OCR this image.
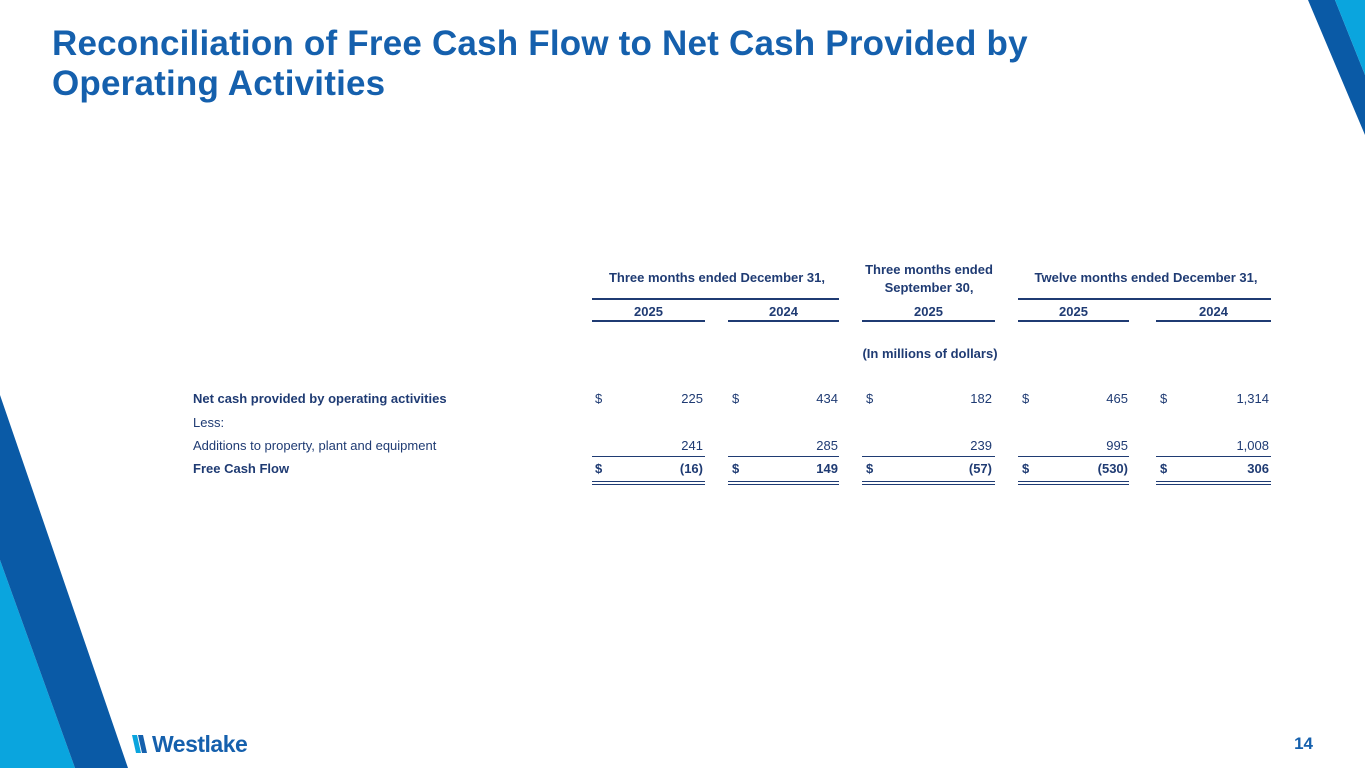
Reconciliation of Free Cash Flow to Net Cash Provided by
Operating Activities
Three months ended December 31,
Three months ended
September 30,
Twelve months ended December 31,
2025	2024	2025	2025	2024
(In millions of dollars)
Net cash provided by operating activities	$	225 $	434 $	182 $	465 $	1,314
Less:
Additions to property, plant and equipment	241	285	239	995	1,008
Free Cash Flow	$	(16) $	149 $	(57) $	(530) $	306
Westlake	14
